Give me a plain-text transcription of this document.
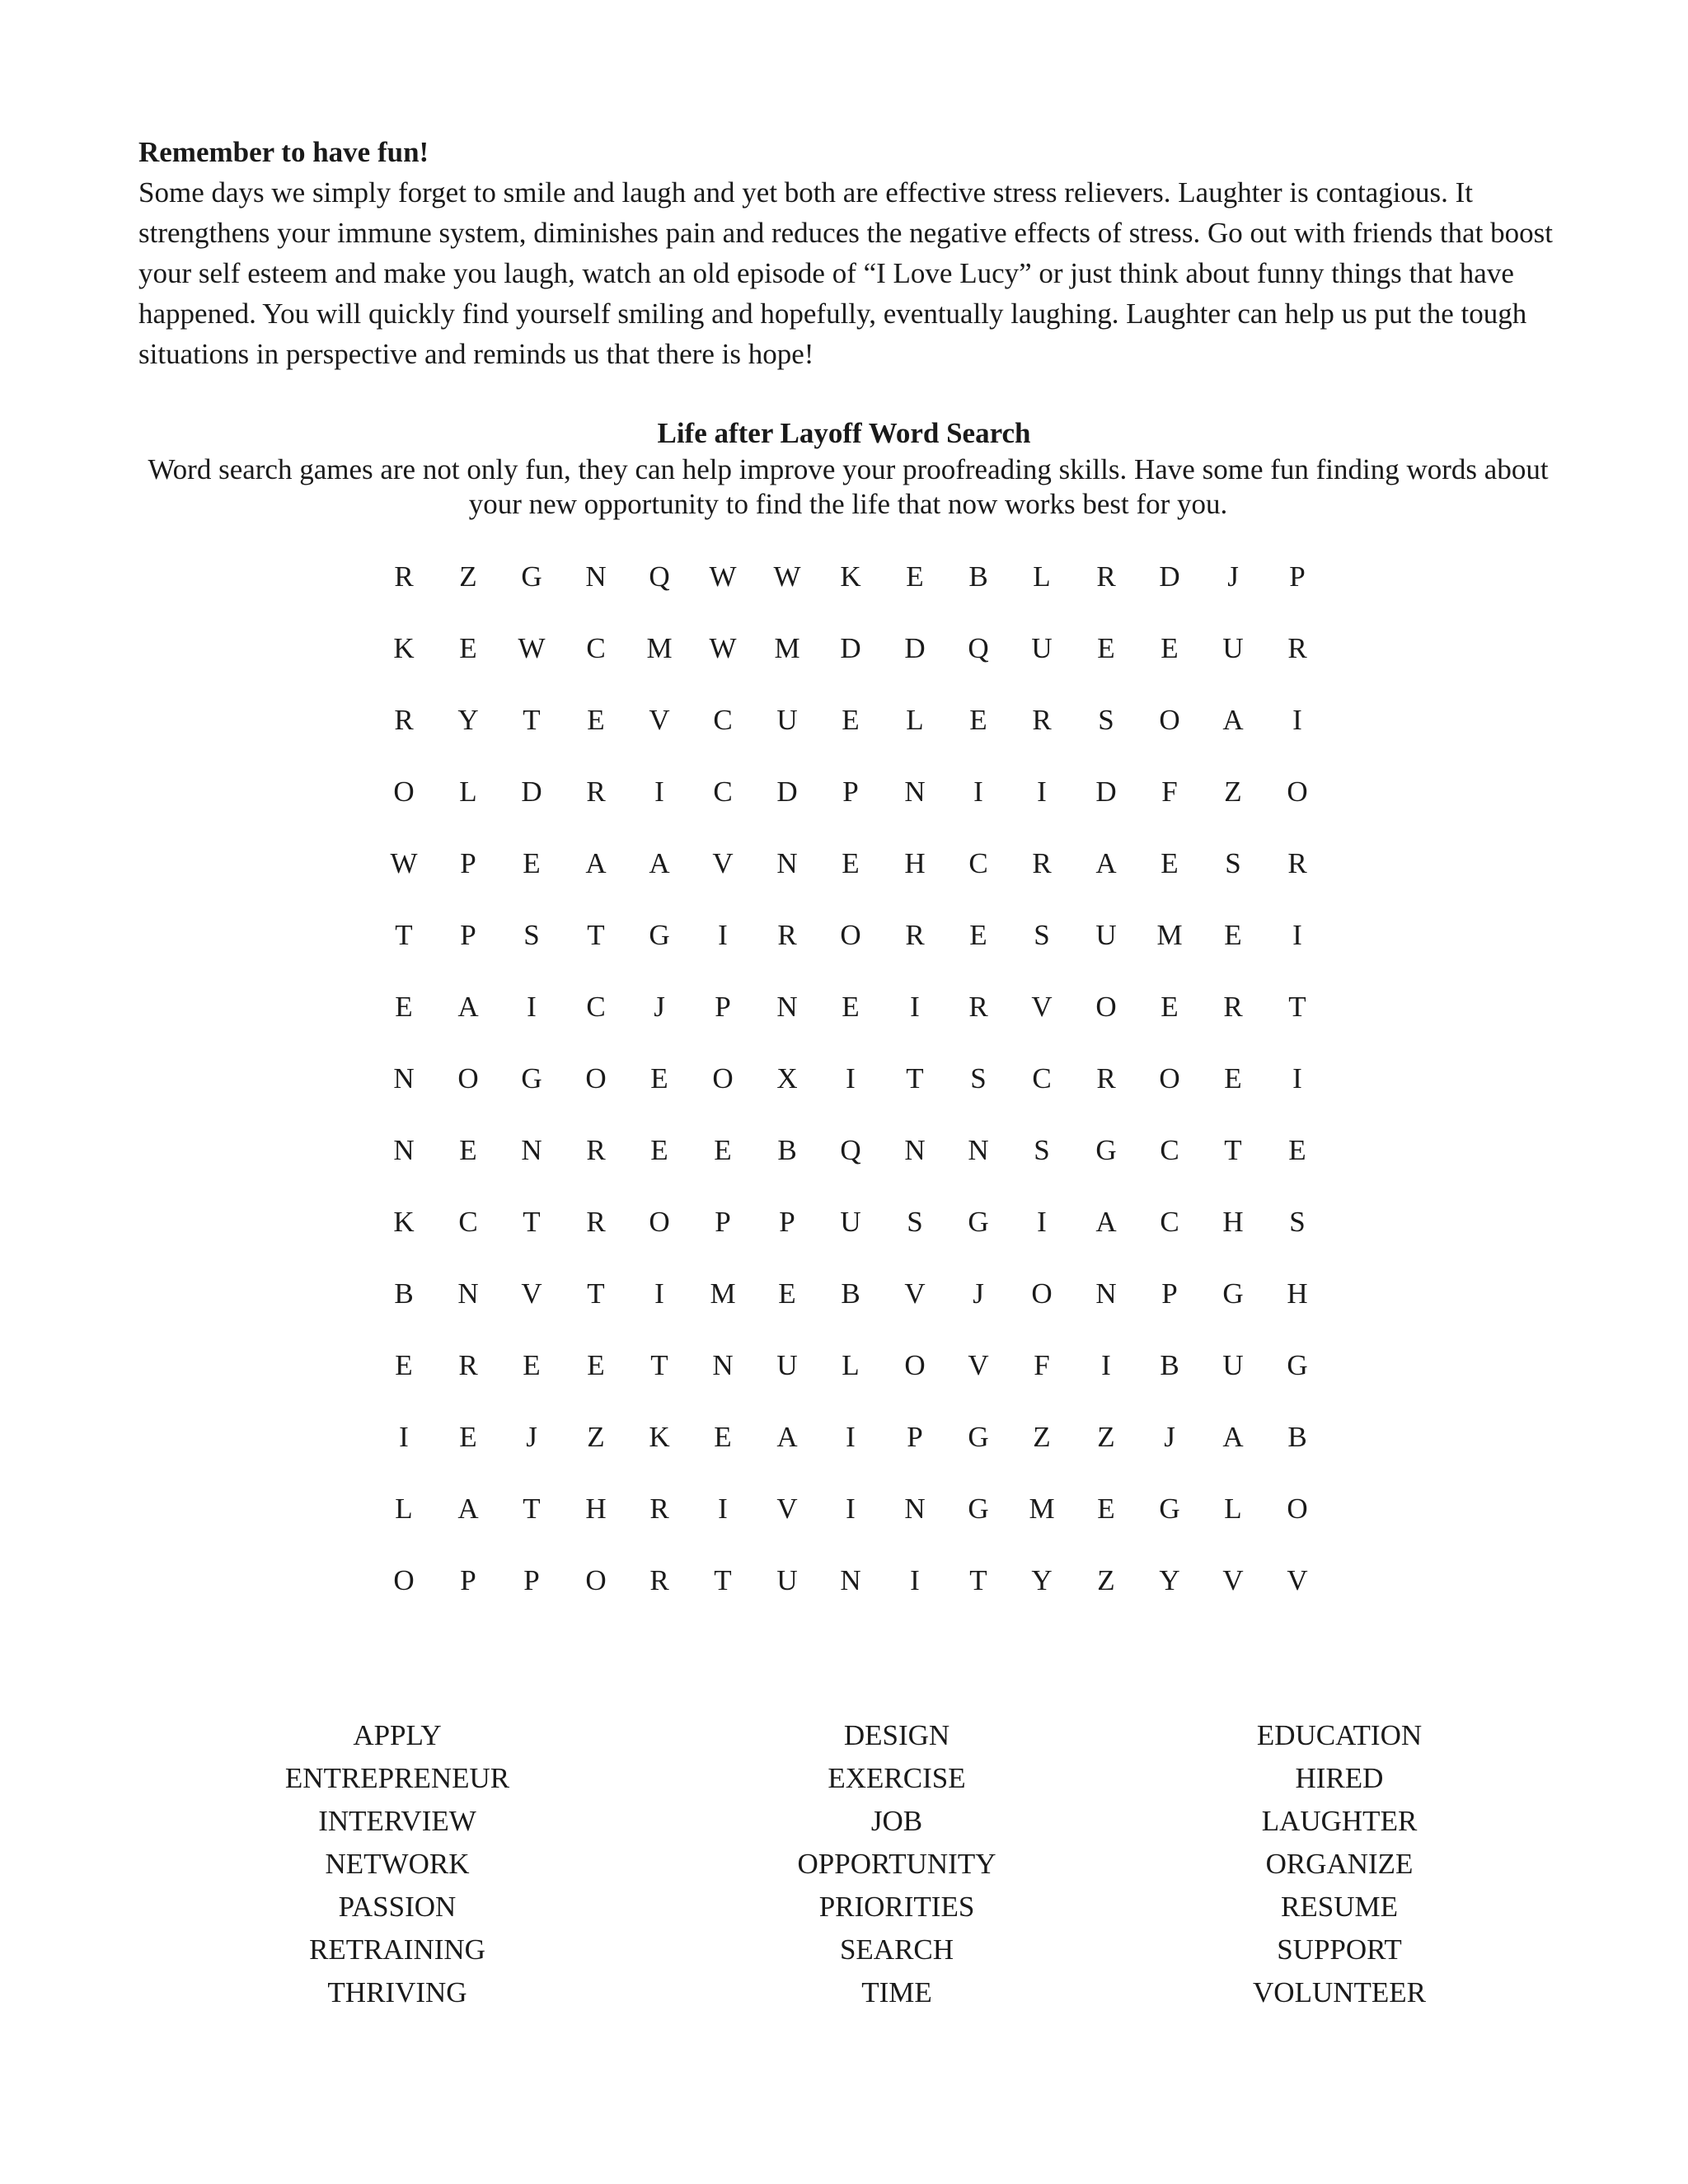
Remember to have fun!

Some days we simply forget to smile and laugh and yet both are effective stress relievers. Laughter is contagious. It strengthens your immune system, diminishes pain and reduces the negative effects of stress. Go out with friends that boost your self esteem and make you laugh, watch an old episode of “I Love Lucy” or just think about funny things that have happened. You will quickly find yourself smiling and hopefully, eventually laughing. Laughter can help us put the tough situations in perspective and reminds us that there is hope!

Life after Layoff Word Search

Word search games are not only fun, they can help improve your proofreading skills. Have some fun finding words about your new opportunity to find the life that now works best for you.

R	Z	G	N	Q	W	W	K	E	B	L	R	D	J	P
K	E	W	C	M	W	M	D	D	Q	U	E	E	U	R
R	Y	T	E	V	C	U	E	L	E	R	S	O	A	I
O	L	D	R	I	C	D	P	N	I	I	D	F	Z	O
W	P	E	A	A	V	N	E	H	C	R	A	E	S	R
T	P	S	T	G	I	R	O	R	E	S	U	M	E	I
E	A	I	C	J	P	N	E	I	R	V	O	E	R	T
N	O	G	O	E	O	X	I	T	S	C	R	O	E	I
N	E	N	R	E	E	B	Q	N	N	S	G	C	T	E
K	C	T	R	O	P	P	U	S	G	I	A	C	H	S
B	N	V	T	I	M	E	B	V	J	O	N	P	G	H
E	R	E	E	T	N	U	L	O	V	F	I	B	U	G
I	E	J	Z	K	E	A	I	P	G	Z	Z	J	A	B
L	A	T	H	R	I	V	I	N	G	M	E	G	L	O
O	P	P	O	R	T	U	N	I	T	Y	Z	Y	V	V
APPLY
ENTREPRENEUR
INTERVIEW
NETWORK
PASSION
RETRAINING
THRIVING
DESIGN
EXERCISE
JOB
OPPORTUNITY
PRIORITIES
SEARCH
TIME
EDUCATION
HIRED
LAUGHTER
ORGANIZE
RESUME
SUPPORT
VOLUNTEER
